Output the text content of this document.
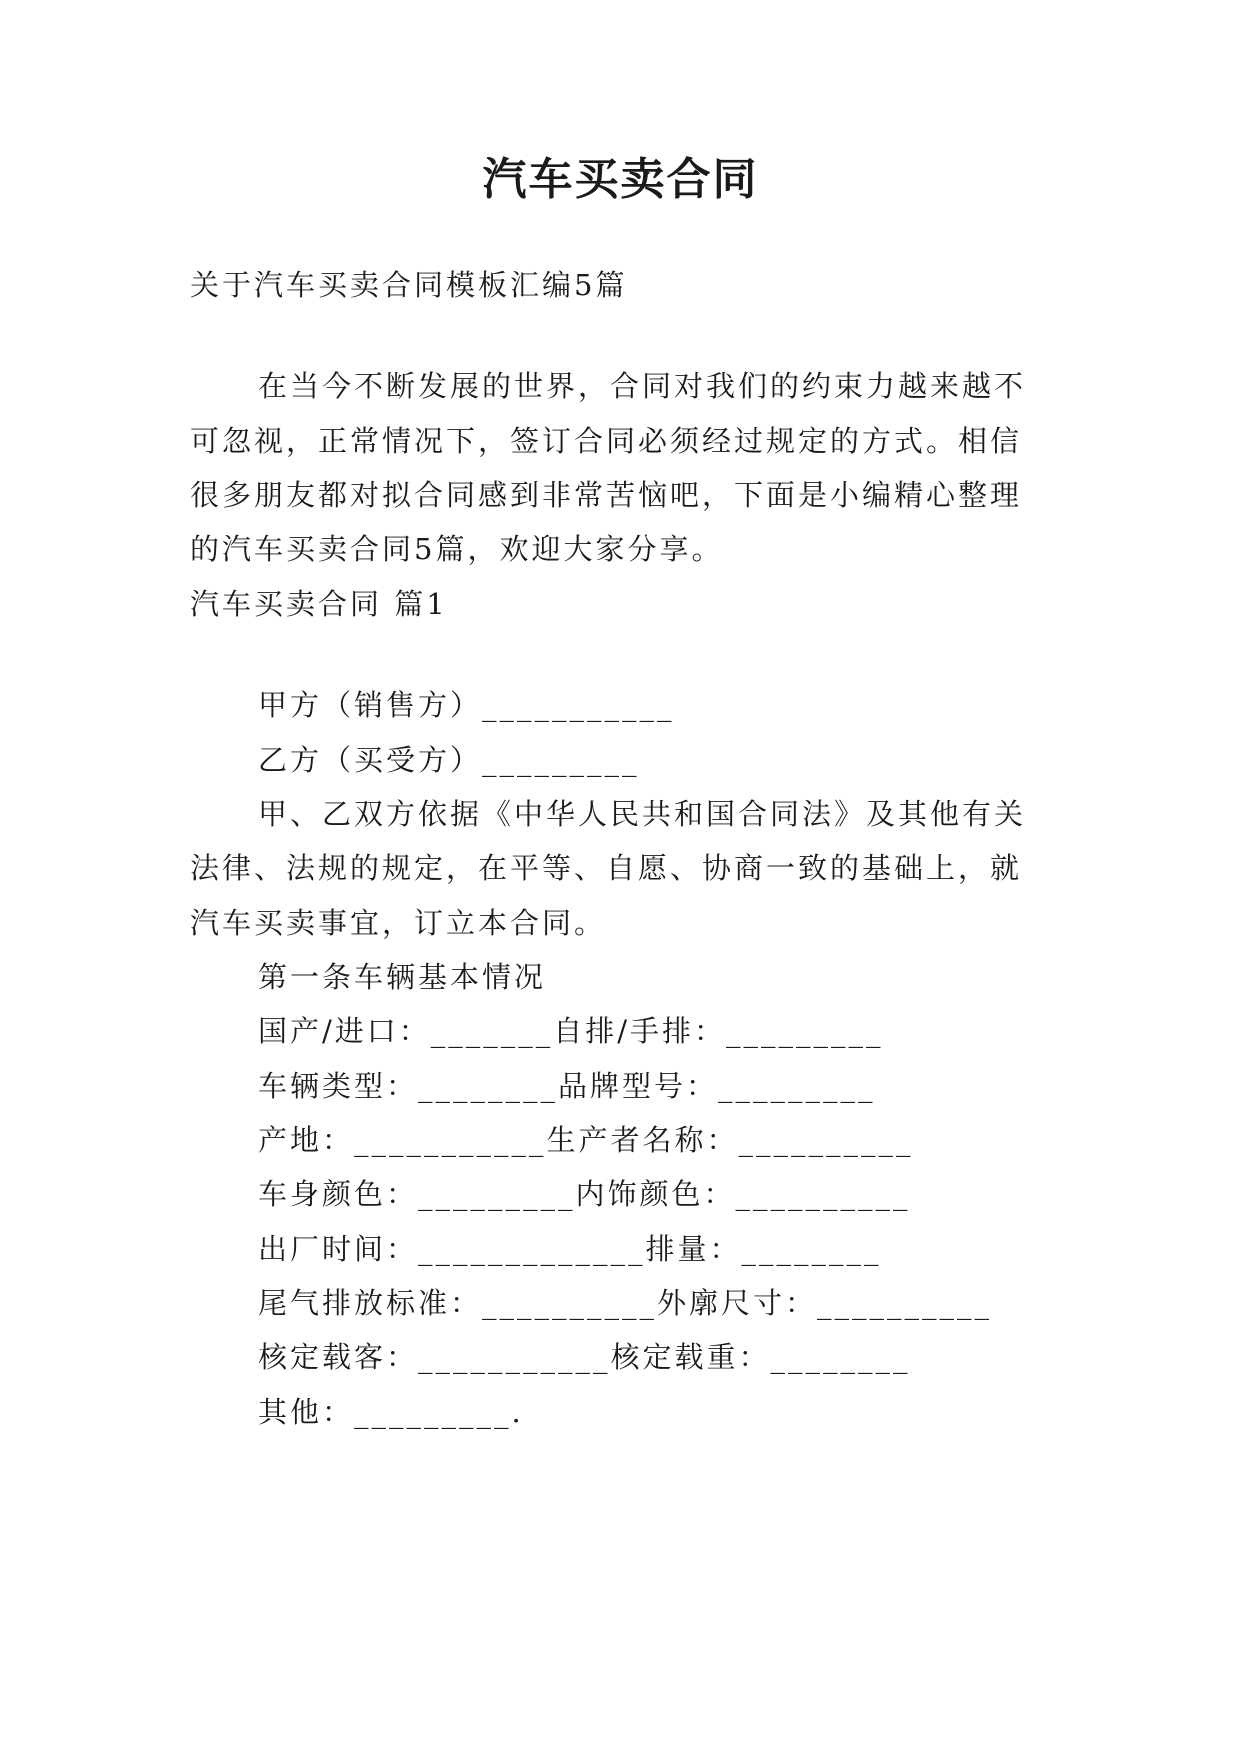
汽车买卖合同
关于汽车买卖合同模板汇编5篇
在当今不断发展的世界，合同对我们的约束力越来越不
可忽视，正常情况下，签订合同必须经过规定的方式。相信
很多朋友都对拟合同感到非常苦恼吧，下面是小编精心整理
的汽车买卖合同5篇，欢迎大家分享。
汽车买卖合同 篇1
甲方（销售方）___________
乙方（买受方）_________
甲、乙双方依据《中华人民共和国合同法》及其他有关
法律、法规的规定，在平等、自愿、协商一致的基础上，就
汽车买卖事宜，订立本合同。
第一条车辆基本情况
国产/进口：_______自排/手排：_________
车辆类型：________品牌型号：_________
产地：___________生产者名称：__________
车身颜色：_________内饰颜色：__________
出厂时间：_____________排量：________
尾气排放标准：__________外廓尺寸：__________
核定载客：___________核定载重：________
其他：_________.
